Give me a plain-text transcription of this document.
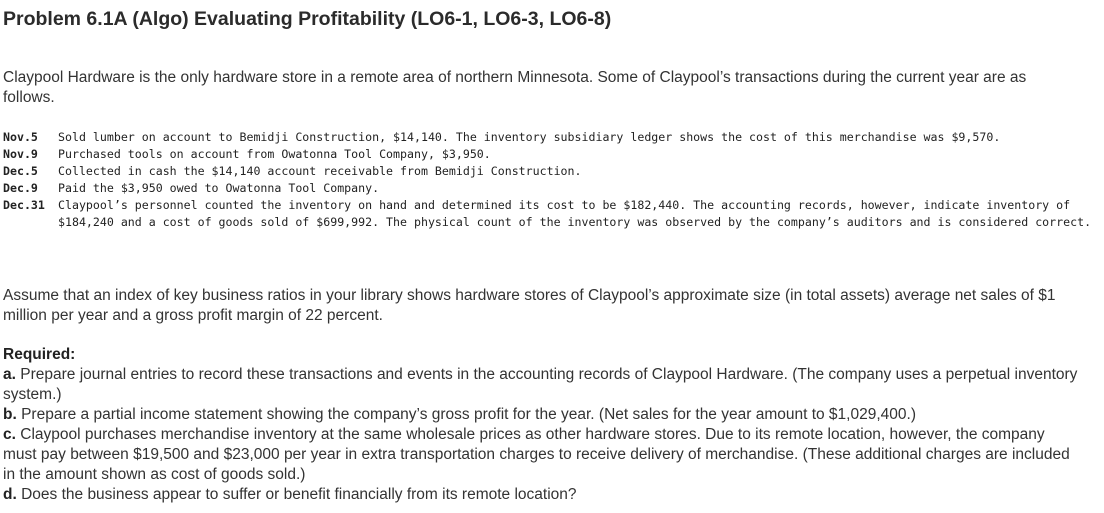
Problem 6.1A (Algo) Evaluating Profitability (LO6-1, LO6-3, LO6-8)

Claypool Hardware is the only hardware store in a remote area of northern Minnesota. Some of Claypool’s transactions during the current year are as follows.

Nov.5	Sold lumber on account to Bemidji Construction, $14,140. The inventory subsidiary ledger shows the cost of this merchandise was $9,570.
Nov.9	Purchased tools on account from Owatonna Tool Company, $3,950.
Dec.5	Collected in cash the $14,140 account receivable from Bemidji Construction.
Dec.9	Paid the $3,950 owed to Owatonna Tool Company.
Dec.31	Claypool’s personnel counted the inventory on hand and determined its cost to be $182,440. The accounting records, however, indicate inventory of $184,240 and a cost of goods sold of $699,992. The physical count of the inventory was observed by the company’s auditors and is considered correct.

Assume that an index of key business ratios in your library shows hardware stores of Claypool’s approximate size (in total assets) average net sales of $1 million per year and a gross profit margin of 22 percent.

Required:
a. Prepare journal entries to record these transactions and events in the accounting records of Claypool Hardware. (The company uses a perpetual inventory system.)
b. Prepare a partial income statement showing the company’s gross profit for the year. (Net sales for the year amount to $1,029,400.)
c. Claypool purchases merchandise inventory at the same wholesale prices as other hardware stores. Due to its remote location, however, the company must pay between $19,500 and $23,000 per year in extra transportation charges to receive delivery of merchandise. (These additional charges are included in the amount shown as cost of goods sold.)
d. Does the business appear to suffer or benefit financially from its remote location?
